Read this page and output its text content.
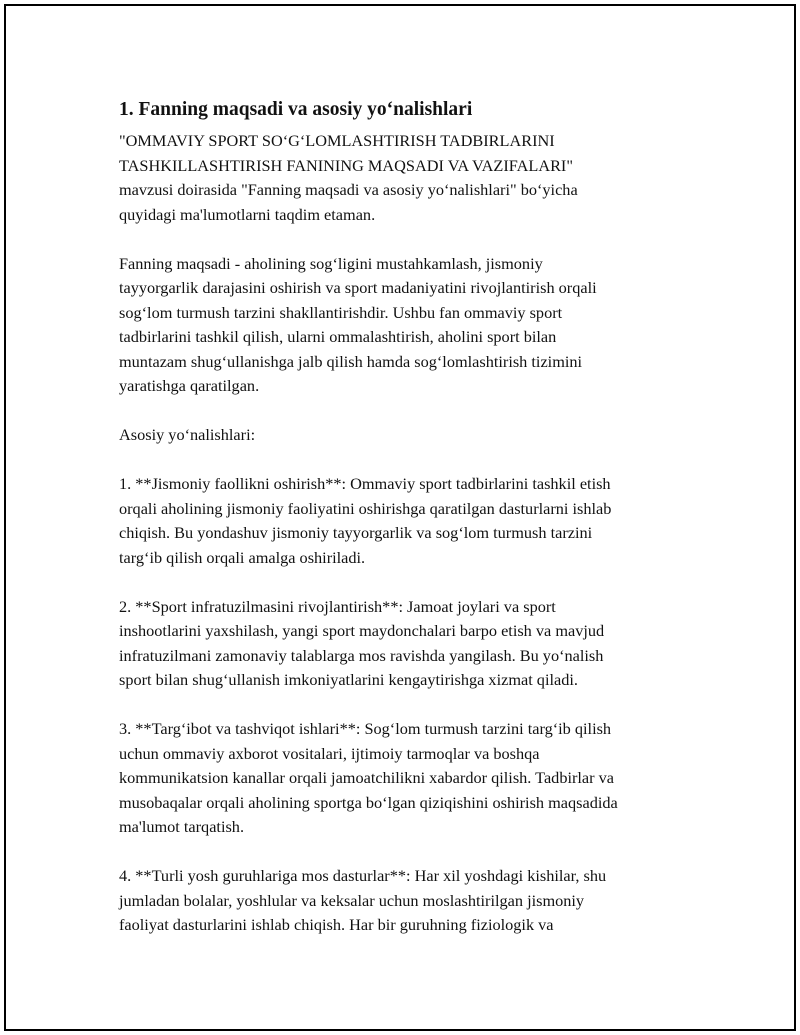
1. Fanning maqsadi va asosiy yo‘nalishlari

"OMMAVIY SPORT SO‘G‘LOMLASHTIRISH TADBIRLARINI
TASHKILLASHTIRISH FANINING MAQSADI VA VAZIFALARI"
mavzusi doirasida "Fanning maqsadi va asosiy yo‘nalishlari" bo‘yicha
quyidagi ma'lumotlarni taqdim etaman.

Fanning maqsadi - aholining sog‘ligini mustahkamlash, jismoniy
tayyorgarlik darajasini oshirish va sport madaniyatini rivojlantirish orqali
sog‘lom turmush tarzini shakllantirishdir. Ushbu fan ommaviy sport
tadbirlarini tashkil qilish, ularni ommalashtirish, aholini sport bilan
muntazam shug‘ullanishga jalb qilish hamda sog‘lomlashtirish tizimini
yaratishga qaratilgan.

Asosiy yo‘nalishlari:

1. **Jismoniy faollikni oshirish**: Ommaviy sport tadbirlarini tashkil etish
orqali aholining jismoniy faoliyatini oshirishga qaratilgan dasturlarni ishlab
chiqish. Bu yondashuv jismoniy tayyorgarlik va sog‘lom turmush tarzini
targ‘ib qilish orqali amalga oshiriladi.

2. **Sport infratuzilmasini rivojlantirish**: Jamoat joylari va sport
inshootlarini yaxshilash, yangi sport maydonchalari barpo etish va mavjud
infratuzilmani zamonaviy talablarga mos ravishda yangilash. Bu yo‘nalish
sport bilan shug‘ullanish imkoniyatlarini kengaytirishga xizmat qiladi.

3. **Targ‘ibot va tashviqot ishlari**: Sog‘lom turmush tarzini targ‘ib qilish
uchun ommaviy axborot vositalari, ijtimoiy tarmoqlar va boshqa
kommunikatsion kanallar orqali jamoatchilikni xabardor qilish. Tadbirlar va
musobaqalar orqali aholining sportga bo‘lgan qiziqishini oshirish maqsadida
ma'lumot tarqatish.

4. **Turli yosh guruhlariga mos dasturlar**: Har xil yoshdagi kishilar, shu
jumladan bolalar, yoshlular va keksalar uchun moslashtirilgan jismoniy
faoliyat dasturlarini ishlab chiqish. Har bir guruhning fiziologik va
